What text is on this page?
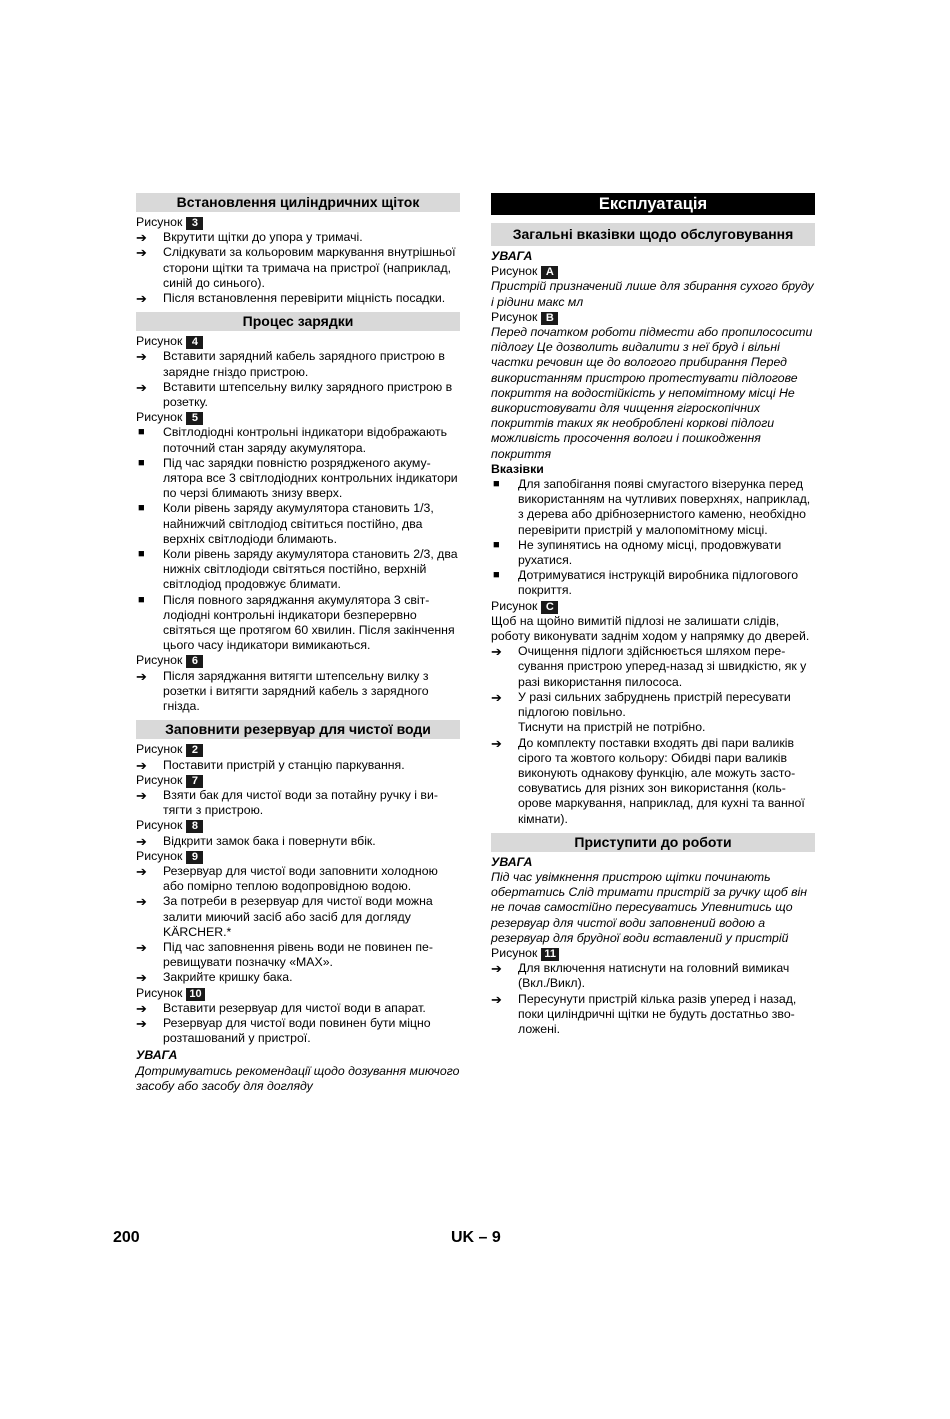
Встановлення циліндричних щіток
Рисунок 3
➔	Вкрутити щітки до упора у тримачі.
➔	Слідкувати за кольоровим маркування внутрішньої сторони щітки та тримача на пристрої (наприклад, синій до синього).
➔	Після встановлення перевірити міцність посадки.
Процес зарядки
Рисунок 4
➔	Вставити зарядний кабель зарядного пристрою в зарядне гніздо пристрою.
➔	Вставити штепсельну вилку зарядного пристрою в розетку.
Рисунок 5
■	Світлодіодні контрольні індикатори відображають поточний стан заряду акумулятора.
■	Під час зарядки повністю розрядженого акумулятора все 3 світлодіодних контрольних індикатори по черзі блимають знизу вверх.
■	Коли рівень заряду акумулятора становить 1/3, найнижчий світлодіод світиться постійно, два верхніх світлодіоди блимають.
■	Коли рівень заряду акумулятора становить 2/3, два нижніх світлодіоди світяться постійно, верхній світлодіод продовжує блимати.
■	Після повного заряджання акумулятора 3 світлодіодні контрольні індикатори безперервно світяться ще протягом 60 хвилин. Після закінчення цього часу індикатори вимикаються.
Рисунок 6
➔	Після заряджання витягти штепсельну вилку з розетки і витягти зарядний кабель з зарядного гнізда.
Заповнити резервуар для чистої води
Рисунок 2
➔	Поставити пристрій у станцію паркування.
Рисунок 7
➔	Взяти бак для чистої води за потайну ручку і витягти з пристрою.
Рисунок 8
➔	Відкрити замок бака і повернути вбік.
Рисунок 9
➔	Резервуар для чистої води заповнити холодною або помірно теплою водопровідною водою.
➔	За потреби в резервуар для чистої води можна залити миючий засіб або засіб для догляду KÄRCHER.*
➔	Під час заповнення рівень води не повинен перевищувати позначку «MAX».
➔	Закрийте кришку бака.
Рисунок 10
➔	Вставити резервуар для чистої води в апарат.
➔	Резервуар для чистої води повинен бути міцно розташований у пристрої.
УВАГА
Дотримуватись рекомендації щодо дозування миючого засобу або засобу для догляду
Експлуатація
Загальні вказівки щодо обслуговування
УВАГА
Рисунок A
Пристрій призначений лише для збирання сухого бруду і рідини макс мл
Рисунок B
Перед початком роботи підмести або пропилососити підлогу Це дозволить видалити з неї бруд і вільні частки речовин ще до вологого прибирання Перед використанням пристрою протестувати підлогове покриття на водостійкість у непомітному місці Не використовувати для чищення гігроскопічних покриттів таких як необроблені коркові підлоги можливість просочення вологи і пошкодження покриття
Вказівки
■	Для запобігання появі смугастого візерунка перед використанням на чутливих поверхнях, наприклад, з дерева або дрібнозернистого каменю, необхідно перевірити пристрій у малопомітному місці.
■	Не зупинятись на одному місці, продовжувати рухатися.
■	Дотримуватися інструкцій виробника підлогового покриття.
Рисунок C
Щоб на щойно вимитій підлозі не залишати слідів, роботу виконувати заднім ходом у напрямку до дверей.
➔	Очищення підлоги здійснюється шляхом пересування пристрою уперед-назад зі швидкістю, як у разі використання пилососа.
➔	У разі сильних забруднень пристрій пересувати підлогою повільно.
Тиснути на пристрій не потрібно.
➔	До комплекту поставки входять дві пари валиків сірого та жовтого кольору: Обидві пари валиків виконують однакову функцію, але можуть застосовуватись для різних зон використання (кольорове маркування, наприклад, для кухні та ванної кімнати).
Приступити до роботи
УВАГА
Під час увімкнення пристрою щітки починають обертатись Слід тримати пристрій за ручку щоб він не почав самостійно пересуватись Упевнитись що резервуар для чистої води заповнений водою а резервуар для брудної води вставлений у пристрій
Рисунок 11
➔	Для включення натиснути на головний вимикач (Вкл./Викл).
➔	Пересунути пристрій кілька разів уперед і назад, поки циліндричні щітки не будуть достатньо зволожені.
200	UK – 9
